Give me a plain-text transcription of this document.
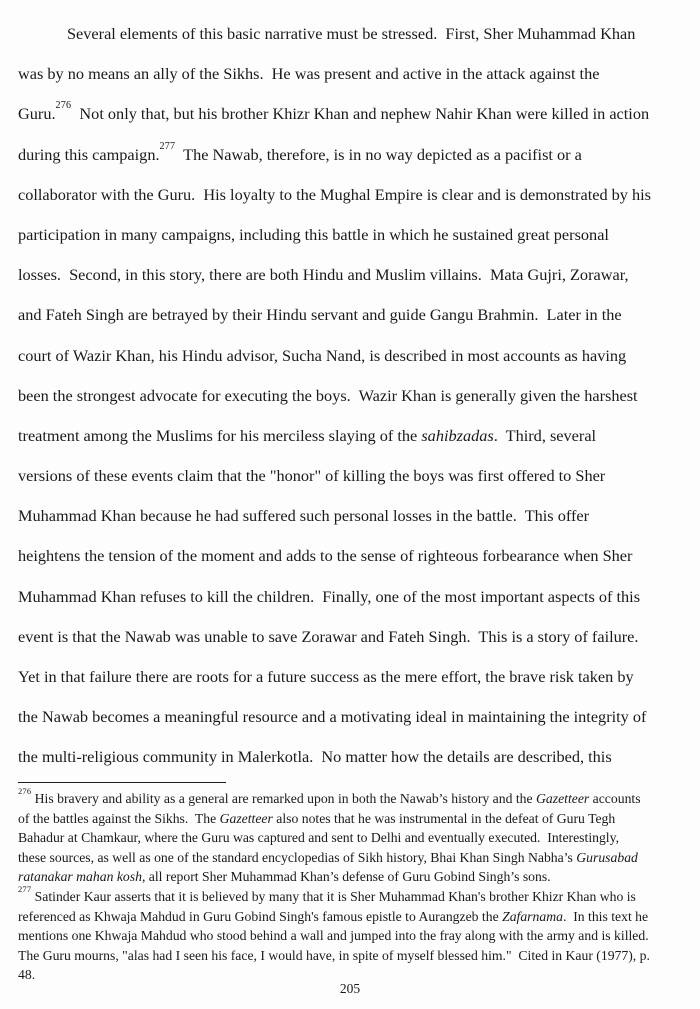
Several elements of this basic narrative must be stressed.  First, Sher Muhammad Khan
was by no means an ally of the Sikhs.  He was present and active in the attack against the
Guru.$^{276}$  Not only that, but his brother Khizr Khan and nephew Nahir Khan were killed in action
during this campaign.$^{277}$  The Nawab, therefore, is in no way depicted as a pacifist or a
collaborator with the Guru.  His loyalty to the Mughal Empire is clear and is demonstrated by his
participation in many campaigns, including this battle in which he sustained great personal
losses.  Second, in this story, there are both Hindu and Muslim villains.  Mata Gujri, Zorawar,
and Fateh Singh are betrayed by their Hindu servant and guide Gangu Brahmin.  Later in the
court of Wazir Khan, his Hindu advisor, Sucha Nand, is described in most accounts as having
been the strongest advocate for executing the boys.  Wazir Khan is generally given the harshest
treatment among the Muslims for his merciless slaying of the sahibzadas.  Third, several
versions of these events claim that the "honor" of killing the boys was first offered to Sher
Muhammad Khan because he had suffered such personal losses in the battle.  This offer
heightens the tension of the moment and adds to the sense of righteous forbearance when Sher
Muhammad Khan refuses to kill the children.  Finally, one of the most important aspects of this
event is that the Nawab was unable to save Zorawar and Fateh Singh.  This is a story of failure.
Yet in that failure there are roots for a future success as the mere effort, the brave risk taken by
the Nawab becomes a meaningful resource and a motivating ideal in maintaining the integrity of
the multi-religious community in Malerkotla.  No matter how the details are described, this
$^{276}$ His bravery and ability as a general are remarked upon in both the Nawab’s history and the Gazetteer accounts
of the battles against the Sikhs.  The Gazetteer also notes that he was instrumental in the defeat of Guru Tegh
Bahadur at Chamkaur, where the Guru was captured and sent to Delhi and eventually executed.  Interestingly,
these sources, as well as one of the standard encyclopedias of Sikh history, Bhai Khan Singh Nabha’s Gurusabad
ratanakar mahan kosh, all report Sher Muhammad Khan’s defense of Guru Gobind Singh’s sons.
$^{277}$ Satinder Kaur asserts that it is believed by many that it is Sher Muhammad Khan's brother Khizr Khan who is
referenced as Khwaja Mahdud in Guru Gobind Singh's famous epistle to Aurangzeb the Zafarnama.  In this text he
mentions one Khwaja Mahdud who stood behind a wall and jumped into the fray along with the army and is killed.
The Guru mourns, "alas had I seen his face, I would have, in spite of myself blessed him."  Cited in Kaur (1977), p.
48.
205
